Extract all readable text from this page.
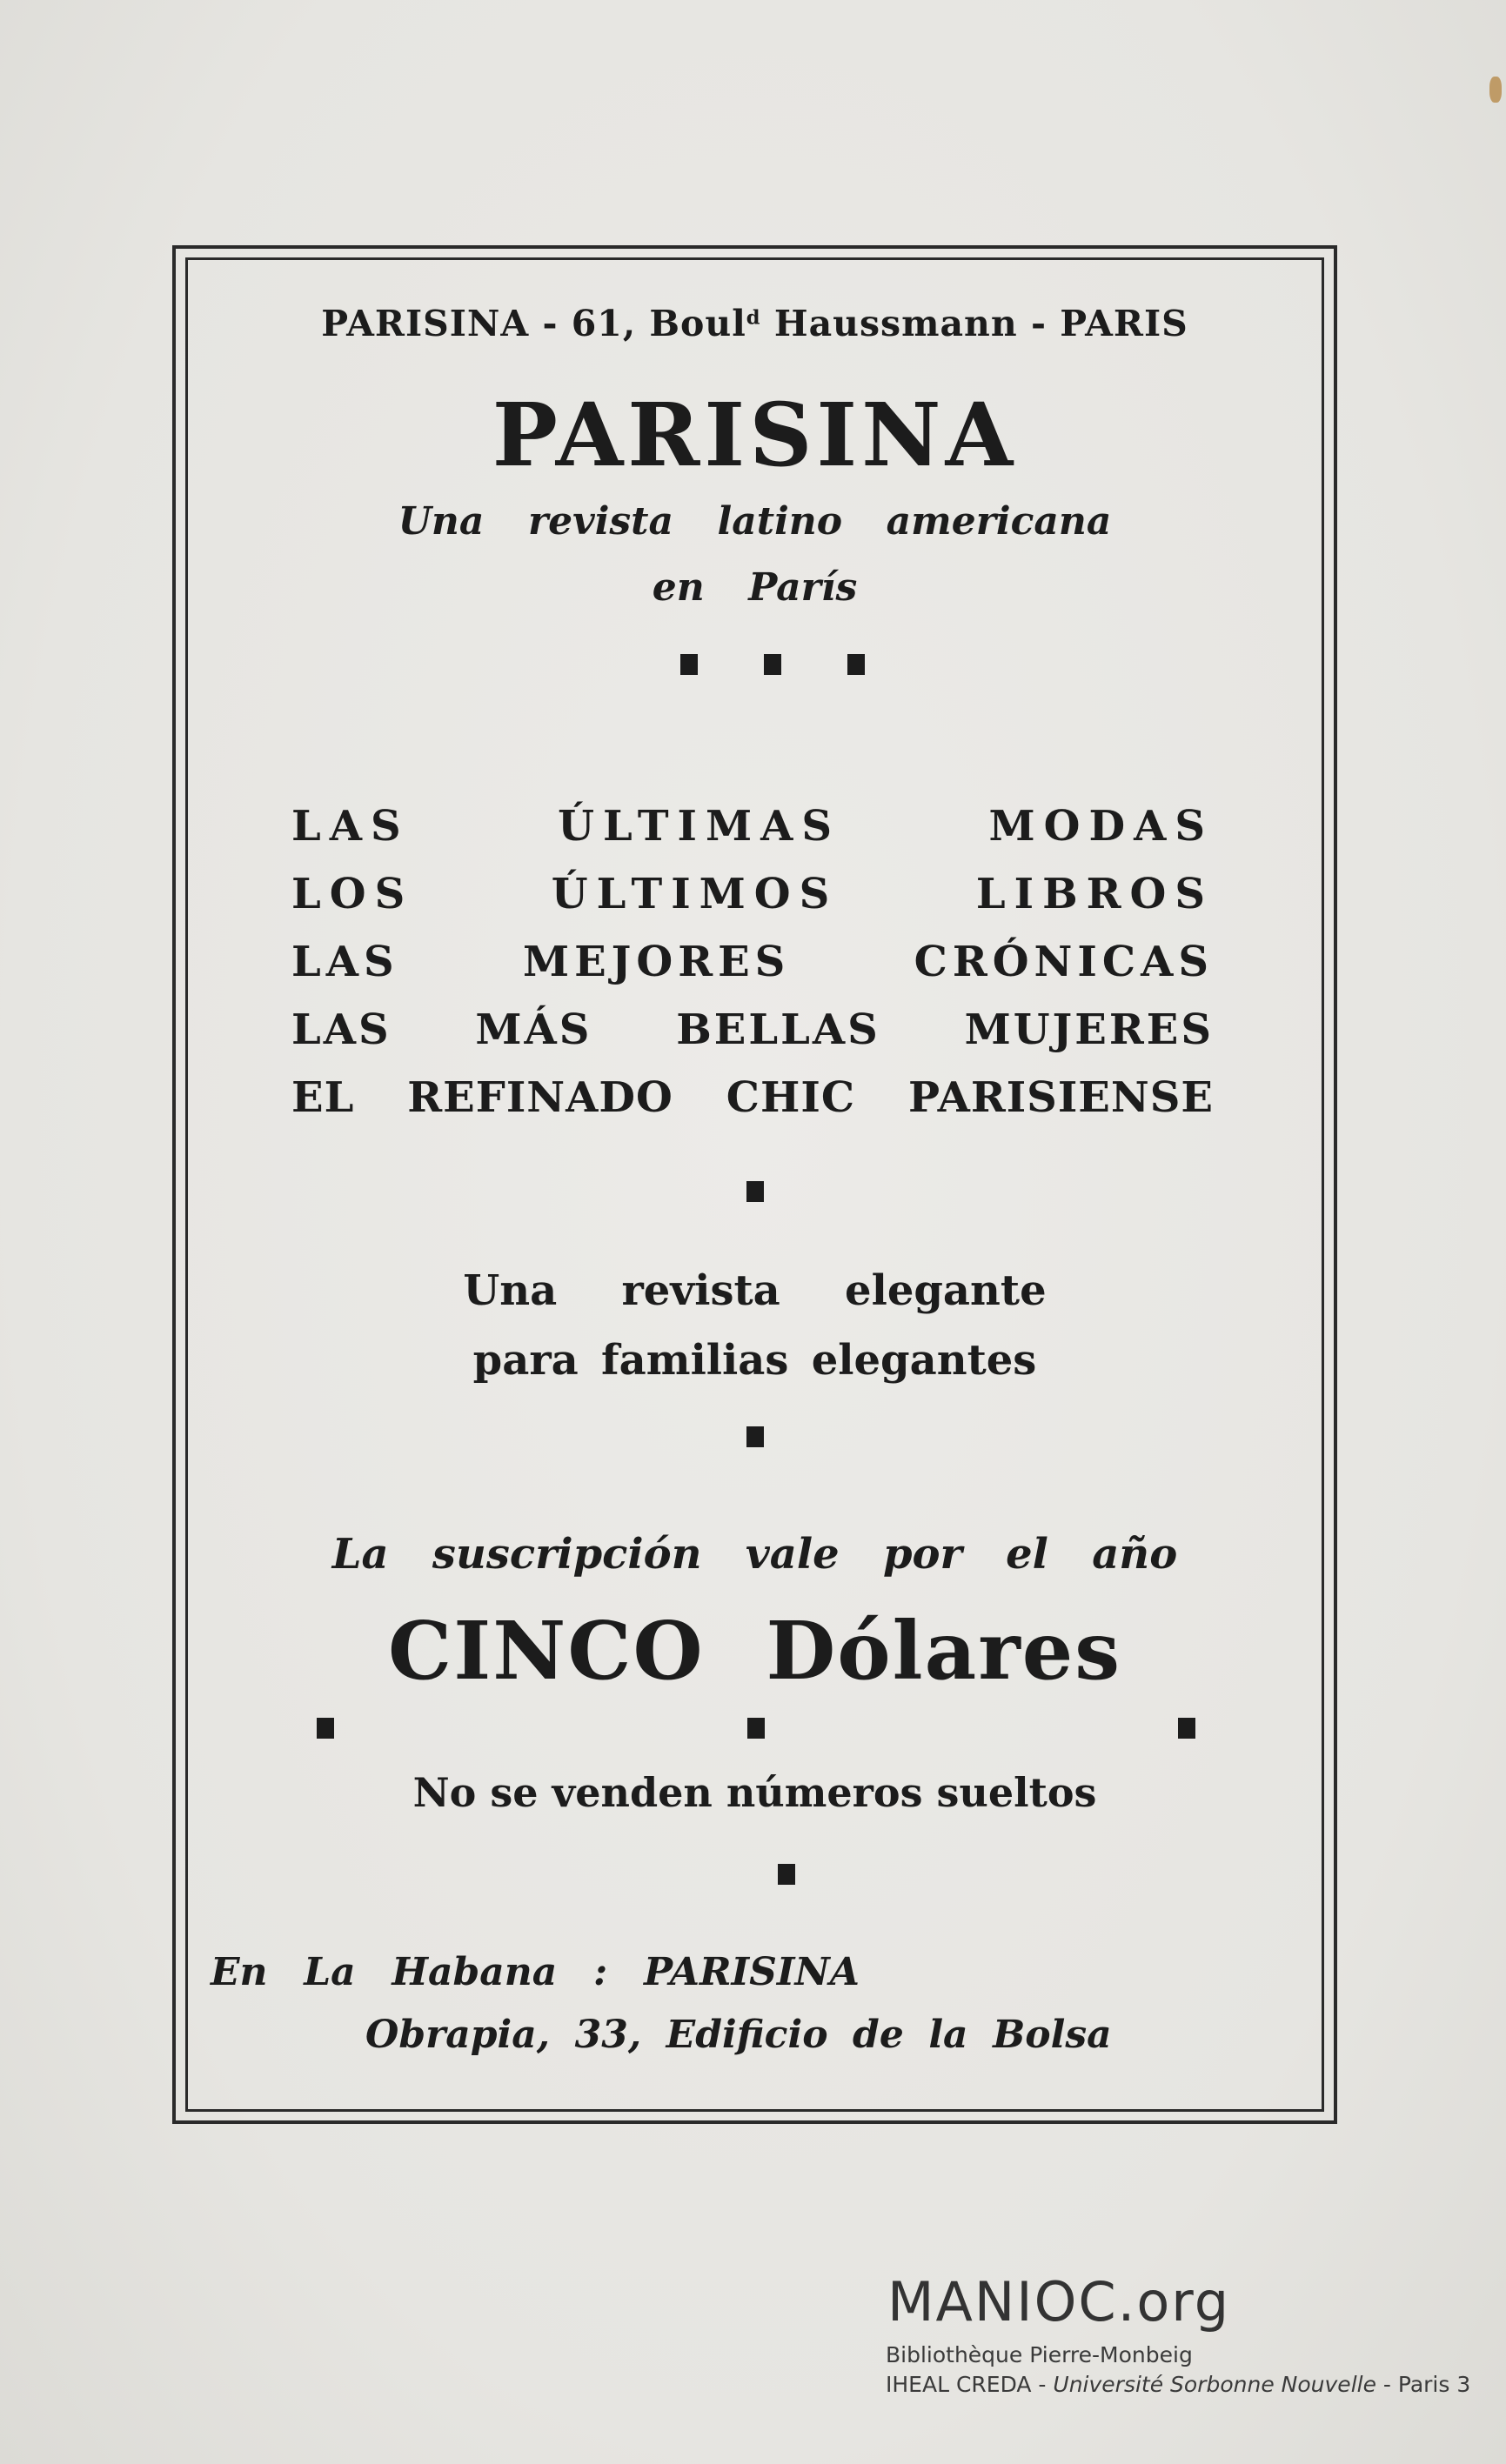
PARISINA - 61, Boul$^d$ Haussmann - PARIS
PARISINA
Una revista latino americana
en París
LAS ÚLTIMAS MODAS
LOS ÚLTIMOS LIBROS
LAS MEJORES CRÓNICAS
LAS MÁS BELLAS MUJERES
EL REFINADO CHIC PARISIENSE
Una revista elegante
para familias elegantes
La suscripción vale por el año
CINCO Dólares
No se venden números sueltos
En La Habana : PARISINA
Obrapia, 33, Edificio de la Bolsa
MANIOC.org
Bibliothèque Pierre-Monbeig
IHEAL CREDA - Université Sorbonne Nouvelle - Paris 3
